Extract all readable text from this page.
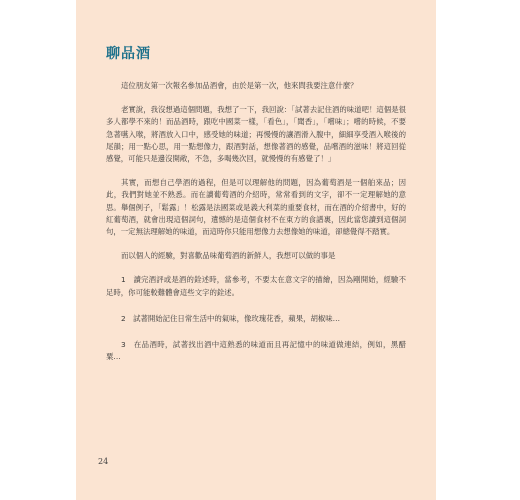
聊品酒

這位朋友第一次報名參加品酒會，由於是第一次，他來問我要注意什麼？

老實說，我沒想過這個問題，我想了一下，我回說：「試著去記住酒的味道吧！這個是很多人都學不來的！而品酒時，跟吃中國菜一樣，「看色」，「聞香」，「嚐味」；嚐的時候，不要急著嚥入喉，將酒放入口中，感受她的味道；再慢慢的讓酒滑入腹中，細細享受酒入喉後的尾韻；用一點心思，用一點想像力，跟酒對話，想像著酒的感覺，品嚐酒的滋味！將這回從感覺，可能只是邊沒開敞，不急，多喝幾次回，就慢慢的有感覺了！」

其實，而想自己學酒的過程，但是可以理解他的問題，因為葡萄酒是一個舶來品；因此，我們對她並不熟悉。而在讀葡萄酒的介紹時，常常看到的文字，卻不一定理解她的意思。舉個例子，「鬆露」！松露是法國菜或是義大利菜的重要食材，而在酒的介紹書中，好的紅葡萄酒，就會出現這個詞句，遺憾的是這個食材不在東方的食譜裏，因此當您讀到這個詞句，一定無法理解她的味道，而這時你只能用想像力去想像她的味道，卻總覺得不踏實。

而以個人的經驗，對喜歡品味葡萄酒的新鮮人，我想可以做的事是

1　讀完酒評或是酒的銓述時，當參考，不要太在意文字的描繪，因為剛開始，經驗不足時，你可能較難體會這些文字的銓述。

2　試著開始記住日常生活中的氣味，像玫瑰花香，蘋果，胡椒味…

3　在品酒時，試著找出酒中這熟悉的味道而且再記憶中的味道做連結，例如，黑醋粟…

24
